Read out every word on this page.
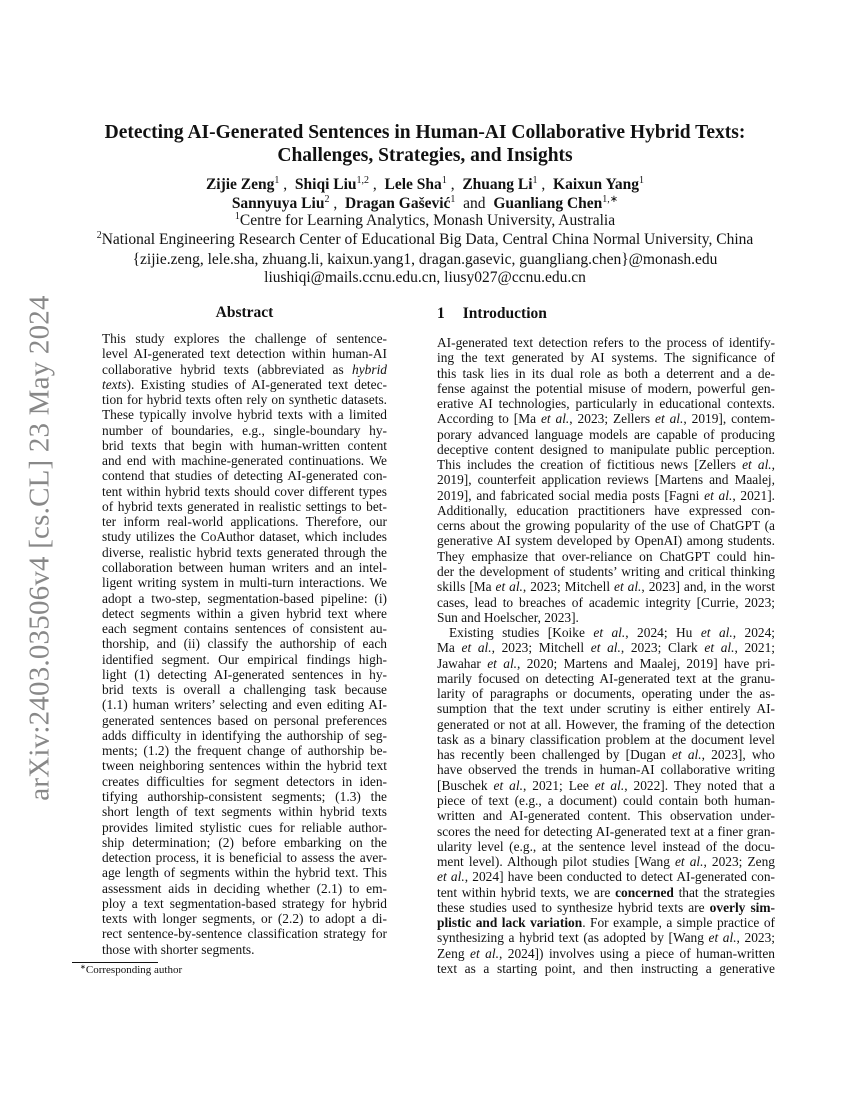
arXiv:2403.03506v4 [cs.CL] 23 May 2024
Detecting AI-Generated Sentences in Human-AI Collaborative Hybrid Texts:
Challenges, Strategies, and Insights
Zijie Zeng$^1$ ,  Shiqi Liu$^{1,2}$ ,  Lele Sha$^1$ ,  Zhuang Li$^1$ ,  Kaixun Yang$^1$
Sannyuya Liu$^2$ ,  Dragan Gašević$^1$ and Guanliang Chen$^{1,∗}$
$^1$Centre for Learning Analytics, Monash University, Australia
$^2$National Engineering Research Center of Educational Big Data, Central China Normal University, China
{zijie.zeng, lele.sha, zhuang.li, kaixun.yang1, dragan.gasevic, guangliang.chen}@monash.edu
liushiqi@mails.ccnu.edu.cn, liusy027@ccnu.edu.cn
Abstract
This study explores the challenge of sentence-
level AI-generated text detection within human-AI
collaborative hybrid texts (abbreviated as hybrid
texts). Existing studies of AI-generated text detec-
tion for hybrid texts often rely on synthetic datasets.
These typically involve hybrid texts with a limited
number of boundaries, e.g., single-boundary hy-
brid texts that begin with human-written content
and end with machine-generated continuations. We
contend that studies of detecting AI-generated con-
tent within hybrid texts should cover different types
of hybrid texts generated in realistic settings to bet-
ter inform real-world applications. Therefore, our
study utilizes the CoAuthor dataset, which includes
diverse, realistic hybrid texts generated through the
collaboration between human writers and an intel-
ligent writing system in multi-turn interactions. We
adopt a two-step, segmentation-based pipeline: (i)
detect segments within a given hybrid text where
each segment contains sentences of consistent au-
thorship, and (ii) classify the authorship of each
identified segment. Our empirical findings high-
light (1) detecting AI-generated sentences in hy-
brid texts is overall a challenging task because
(1.1) human writers’ selecting and even editing AI-
generated sentences based on personal preferences
adds difficulty in identifying the authorship of seg-
ments; (1.2) the frequent change of authorship be-
tween neighboring sentences within the hybrid text
creates difficulties for segment detectors in iden-
tifying authorship-consistent segments; (1.3) the
short length of text segments within hybrid texts
provides limited stylistic cues for reliable author-
ship determination; (2) before embarking on the
detection process, it is beneficial to assess the aver-
age length of segments within the hybrid text. This
assessment aids in deciding whether (2.1) to em-
ploy a text segmentation-based strategy for hybrid
texts with longer segments, or (2.2) to adopt a di-
rect sentence-by-sentence classification strategy for
those with shorter segments.
∗Corresponding author
1 Introduction
AI-generated text detection refers to the process of identify-
ing the text generated by AI systems. The significance of
this task lies in its dual role as both a deterrent and a de-
fense against the potential misuse of modern, powerful gen-
erative AI technologies, particularly in educational contexts.
According to [Ma et al., 2023; Zellers et al., 2019], contem-
porary advanced language models are capable of producing
deceptive content designed to manipulate public perception.
This includes the creation of fictitious news [Zellers et al.,
2019], counterfeit application reviews [Martens and Maalej,
2019], and fabricated social media posts [Fagni et al., 2021].
Additionally, education practitioners have expressed con-
cerns about the growing popularity of the use of ChatGPT (a
generative AI system developed by OpenAI) among students.
They emphasize that over-reliance on ChatGPT could hin-
der the development of students’ writing and critical thinking
skills [Ma et al., 2023; Mitchell et al., 2023] and, in the worst
cases, lead to breaches of academic integrity [Currie, 2023;
Sun and Hoelscher, 2023].
Existing studies [Koike et al., 2024; Hu et al., 2024;
Ma et al., 2023; Mitchell et al., 2023; Clark et al., 2021;
Jawahar et al., 2020; Martens and Maalej, 2019] have pri-
marily focused on detecting AI-generated text at the granu-
larity of paragraphs or documents, operating under the as-
sumption that the text under scrutiny is either entirely AI-
generated or not at all. However, the framing of the detection
task as a binary classification problem at the document level
has recently been challenged by [Dugan et al., 2023], who
have observed the trends in human-AI collaborative writing
[Buschek et al., 2021; Lee et al., 2022]. They noted that a
piece of text (e.g., a document) could contain both human-
written and AI-generated content. This observation under-
scores the need for detecting AI-generated text at a finer gran-
ularity level (e.g., at the sentence level instead of the docu-
ment level). Although pilot studies [Wang et al., 2023; Zeng
et al., 2024] have been conducted to detect AI-generated con-
tent within hybrid texts, we are concerned that the strategies
these studies used to synthesize hybrid texts are overly sim-
plistic and lack variation. For example, a simple practice of
synthesizing a hybrid text (as adopted by [Wang et al., 2023;
Zeng et al., 2024]) involves using a piece of human-written
text as a starting point, and then instructing a generative
